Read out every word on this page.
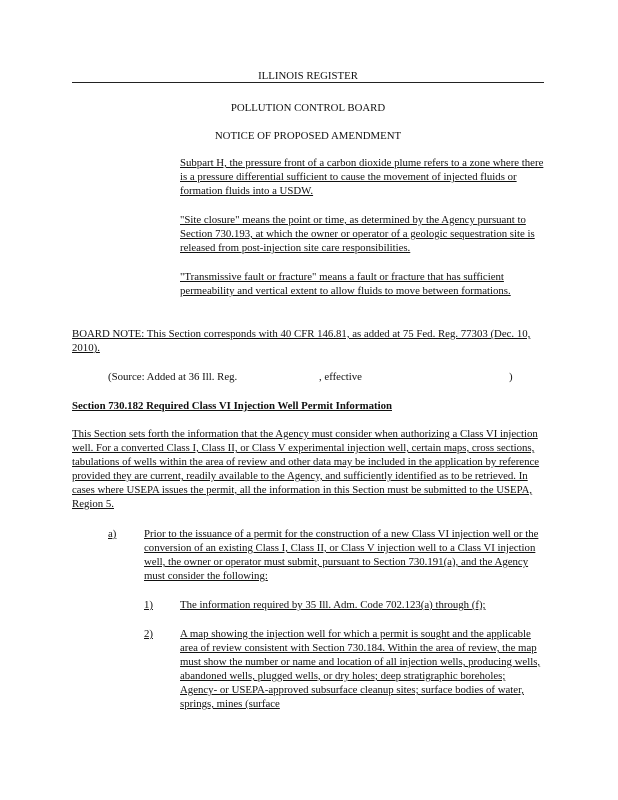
ILLINOIS REGISTER
POLLUTION CONTROL BOARD
NOTICE OF PROPOSED AMENDMENT
Subpart H, the pressure front of a carbon dioxide plume refers to a zone where there is a pressure differential sufficient to cause the movement of injected fluids or formation fluids into a USDW.
"Site closure" means the point or time, as determined by the Agency pursuant to Section 730.193, at which the owner or operator of a geologic sequestration site is released from post-injection site care responsibilities.
"Transmissive fault or fracture" means a fault or fracture that has sufficient permeability and vertical extent to allow fluids to move between formations.
BOARD NOTE: This Section corresponds with 40 CFR 146.81, as added at 75 Fed. Reg. 77303 (Dec. 10, 2010).
(Source: Added at 36 Ill. Reg.	, effective	)
Section 730.182 Required Class VI Injection Well Permit Information
This Section sets forth the information that the Agency must consider when authorizing a Class VI injection well. For a converted Class I, Class II, or Class V experimental injection well, certain maps, cross sections, tabulations of wells within the area of review and other data may be included in the application by reference provided they are current, readily available to the Agency, and sufficiently identified as to be retrieved. In cases where USEPA issues the permit, all the information in this Section must be submitted to the USEPA, Region 5.
a)	Prior to the issuance of a permit for the construction of a new Class VI injection well or the conversion of an existing Class I, Class II, or Class V injection well to a Class VI injection well, the owner or operator must submit, pursuant to Section 730.191(a), and the Agency must consider the following:
1)	The information required by 35 Ill. Adm. Code 702.123(a) through (f);
2)	A map showing the injection well for which a permit is sought and the applicable area of review consistent with Section 730.184. Within the area of review, the map must show the number or name and location of all injection wells, producing wells, abandoned wells, plugged wells, or dry holes; deep stratigraphic boreholes; Agency- or USEPA-approved subsurface cleanup sites; surface bodies of water, springs, mines (surface
